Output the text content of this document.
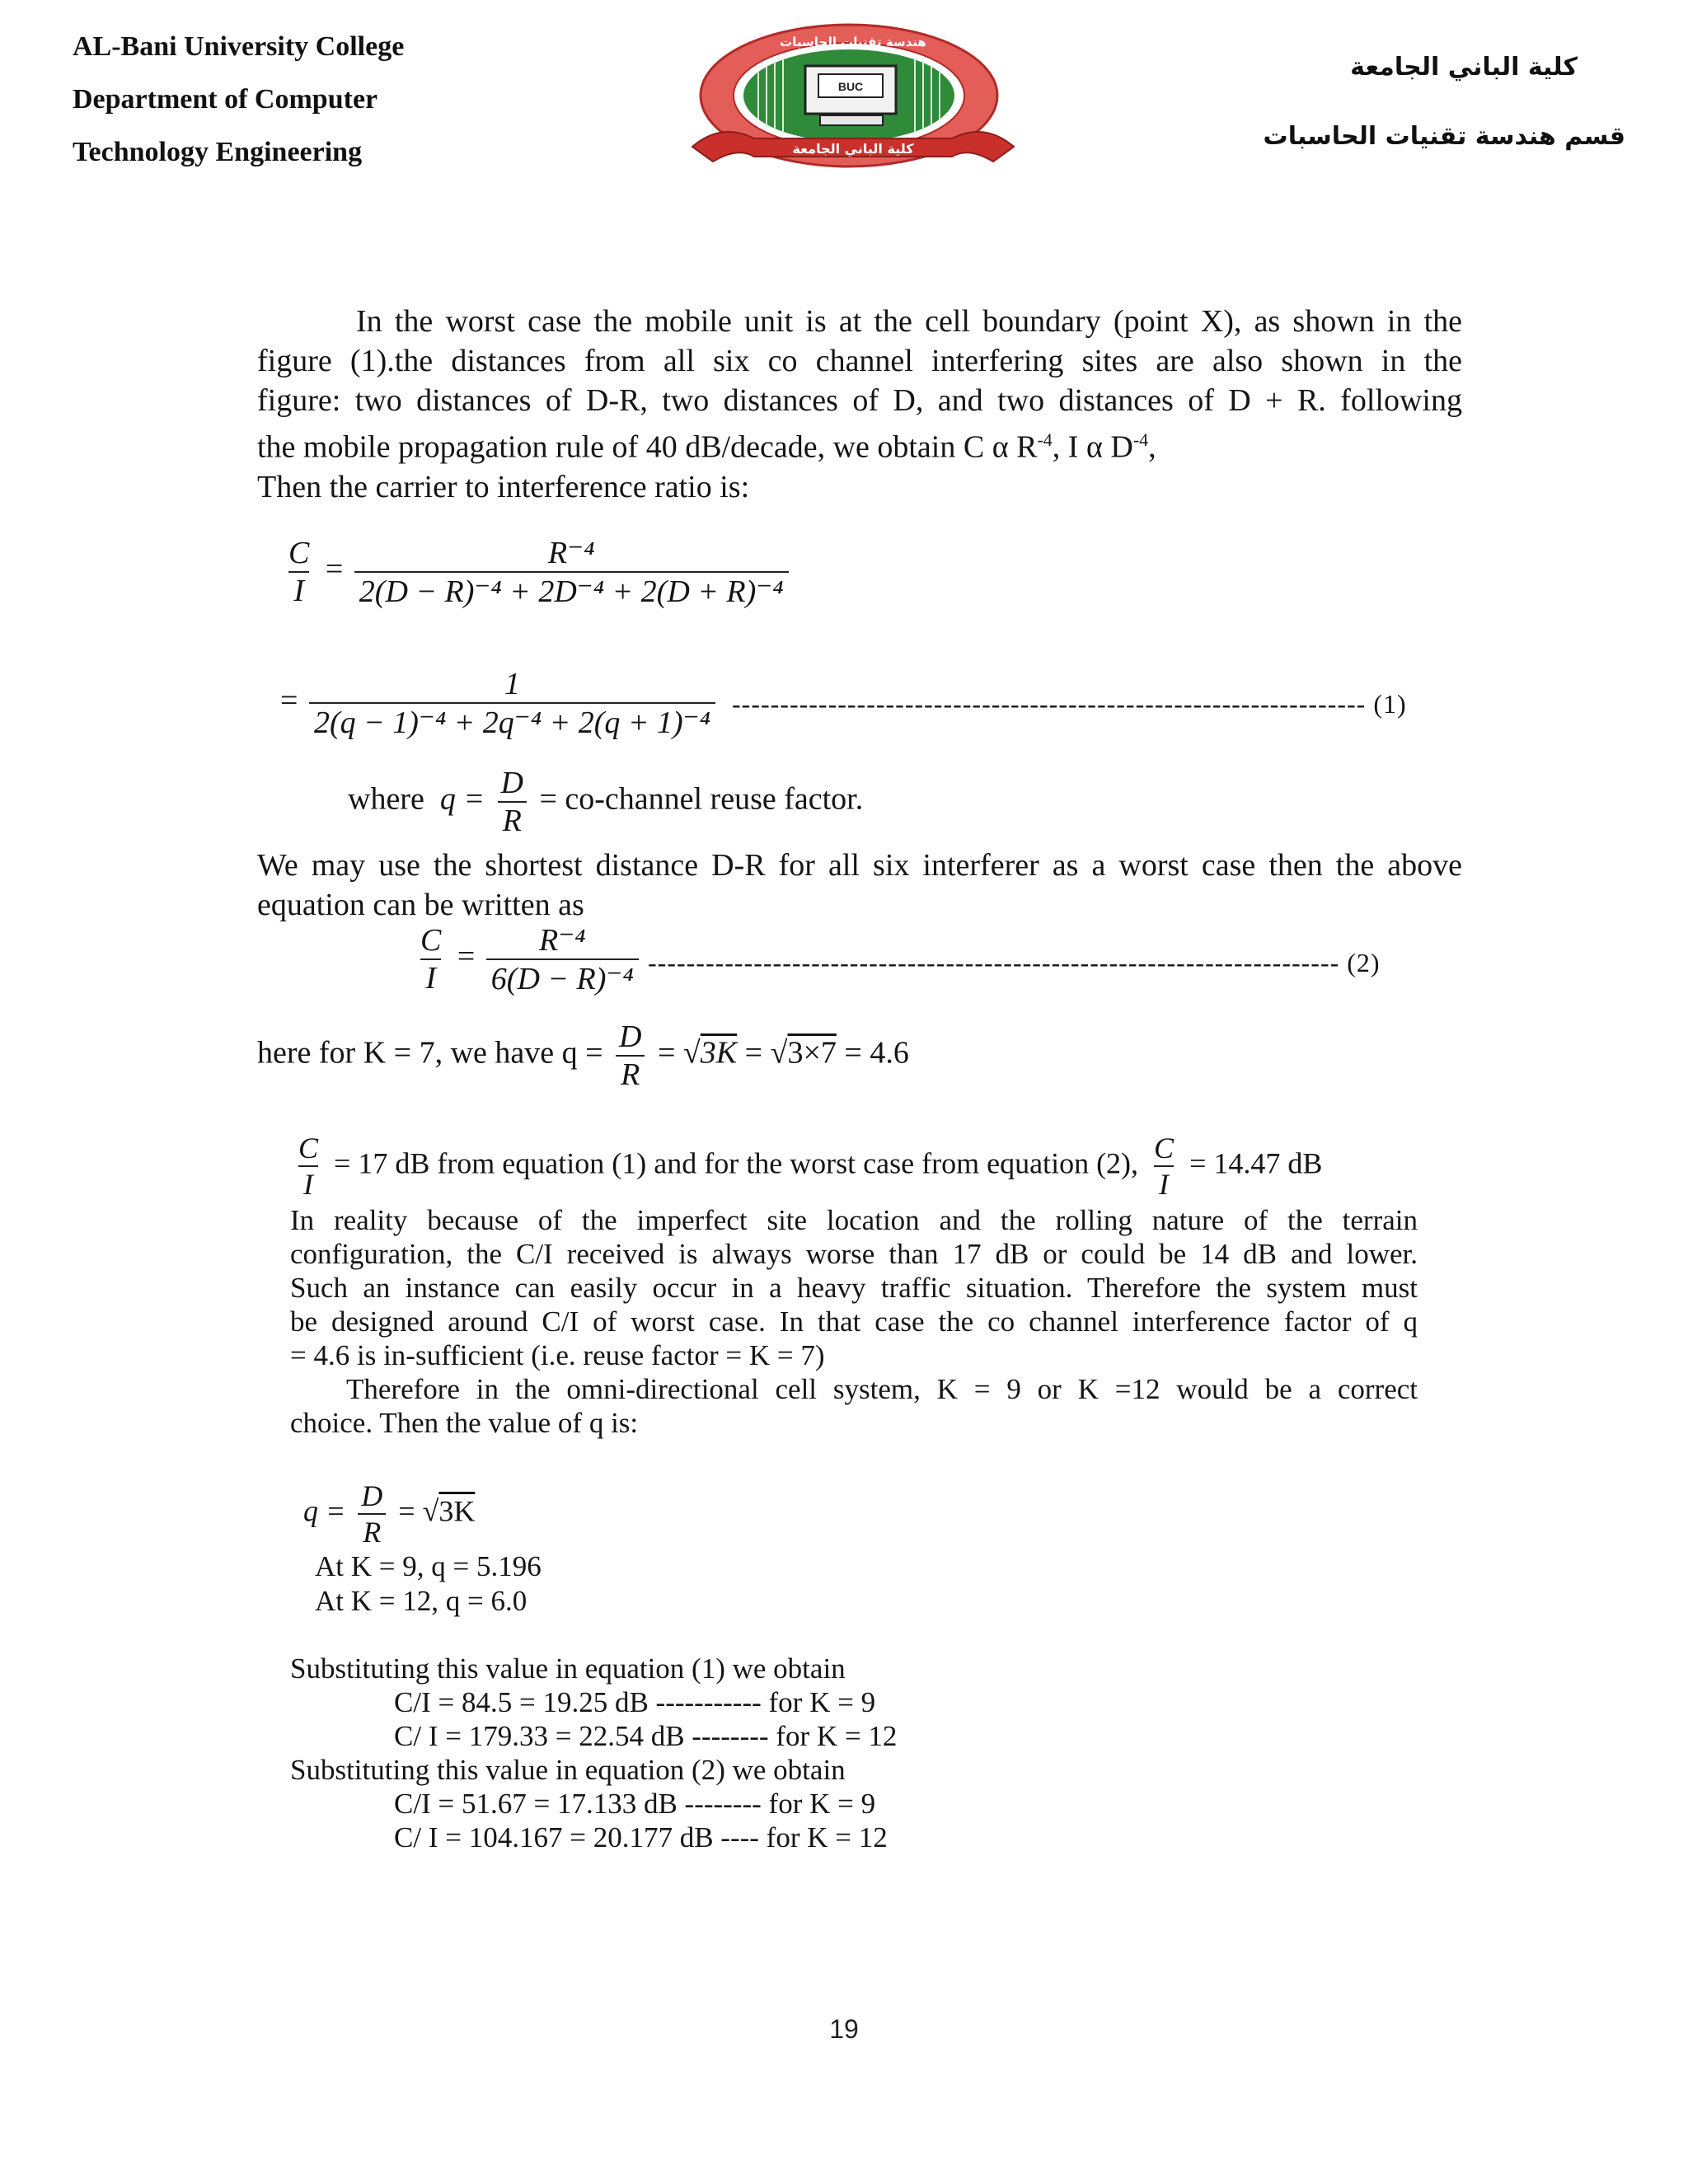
AL-Bani University College
Department of Computer
Technology Engineering
كلية الباني الجامعة
قسم هندسة تقنيات الحاسبات
BUC
كلية الباني الجامعة
هندسة تقنيات الحاسبات
In the worst case the mobile unit is at the cell boundary (point X), as shown in the
figure (1).the distances from all six co channel interfering sites are also shown in the
figure: two distances of D-R, two distances of D, and two distances of D + R. following
the mobile propagation rule of 40 dB/decade, we obtain C α $R^{-4}$, I α $D^{-4}$,
Then the carrier to interference ratio is:
$\frac{C}{I} = \frac{\text{R⁻⁴}}{\text{2(D − R)⁻⁴ + 2D⁻⁴ + 2(D + R)⁻⁴}}$
= $\frac{1}{\text{2(q − 1)⁻⁴ + 2q⁻⁴ + 2(q + 1)⁻⁴}}$ ------------------------------------------------------------------ (1)
where $q = \frac{D}{R}$ = co-channel reuse factor.
We may use the shortest distance D-R for all six interferer as a worst case then the above
equation can be written as
$\frac{C}{I} = \frac{\text{R⁻⁴}}{\text{6(D − R)⁻⁴}}$ ------------------------------------------------------------------------ (2)
here for K = 7, we have $q = \frac{D}{R} = √3K = √3\times 7 = 4.6$
$\frac{C}{I} = 17$ dB from equation (1) and for the worst case from equation (2), $\frac{C}{I} = 14.47$ dB
In reality because of the imperfect site location and the rolling nature of the terrain
configuration, the C/I received is always worse than 17 dB or could be 14 dB and lower.
Such an instance can easily occur in a heavy traffic situation. Therefore the system must
be designed around C/I of worst case. In that case the co channel interference factor of q
= 4.6 is in-sufficient (i.e. reuse factor = K = 7)
Therefore in the omni-directional cell system, K = 9 or K =12 would be a correct
choice. Then the value of q is:
$q = \frac{D}{R} = √3K$
At K = 9, q = 5.196
At K = 12, q = 6.0
Substituting this value in equation (1) we obtain
C/I = 84.5 = 19.25 dB ----------- for K = 9
C/ I = 179.33 = 22.54 dB -------- for K = 12
Substituting this value in equation (2) we obtain
C/I = 51.67 = 17.133 dB -------- for K = 9
C/ I = 104.167 = 20.177 dB ---- for K = 12
19
